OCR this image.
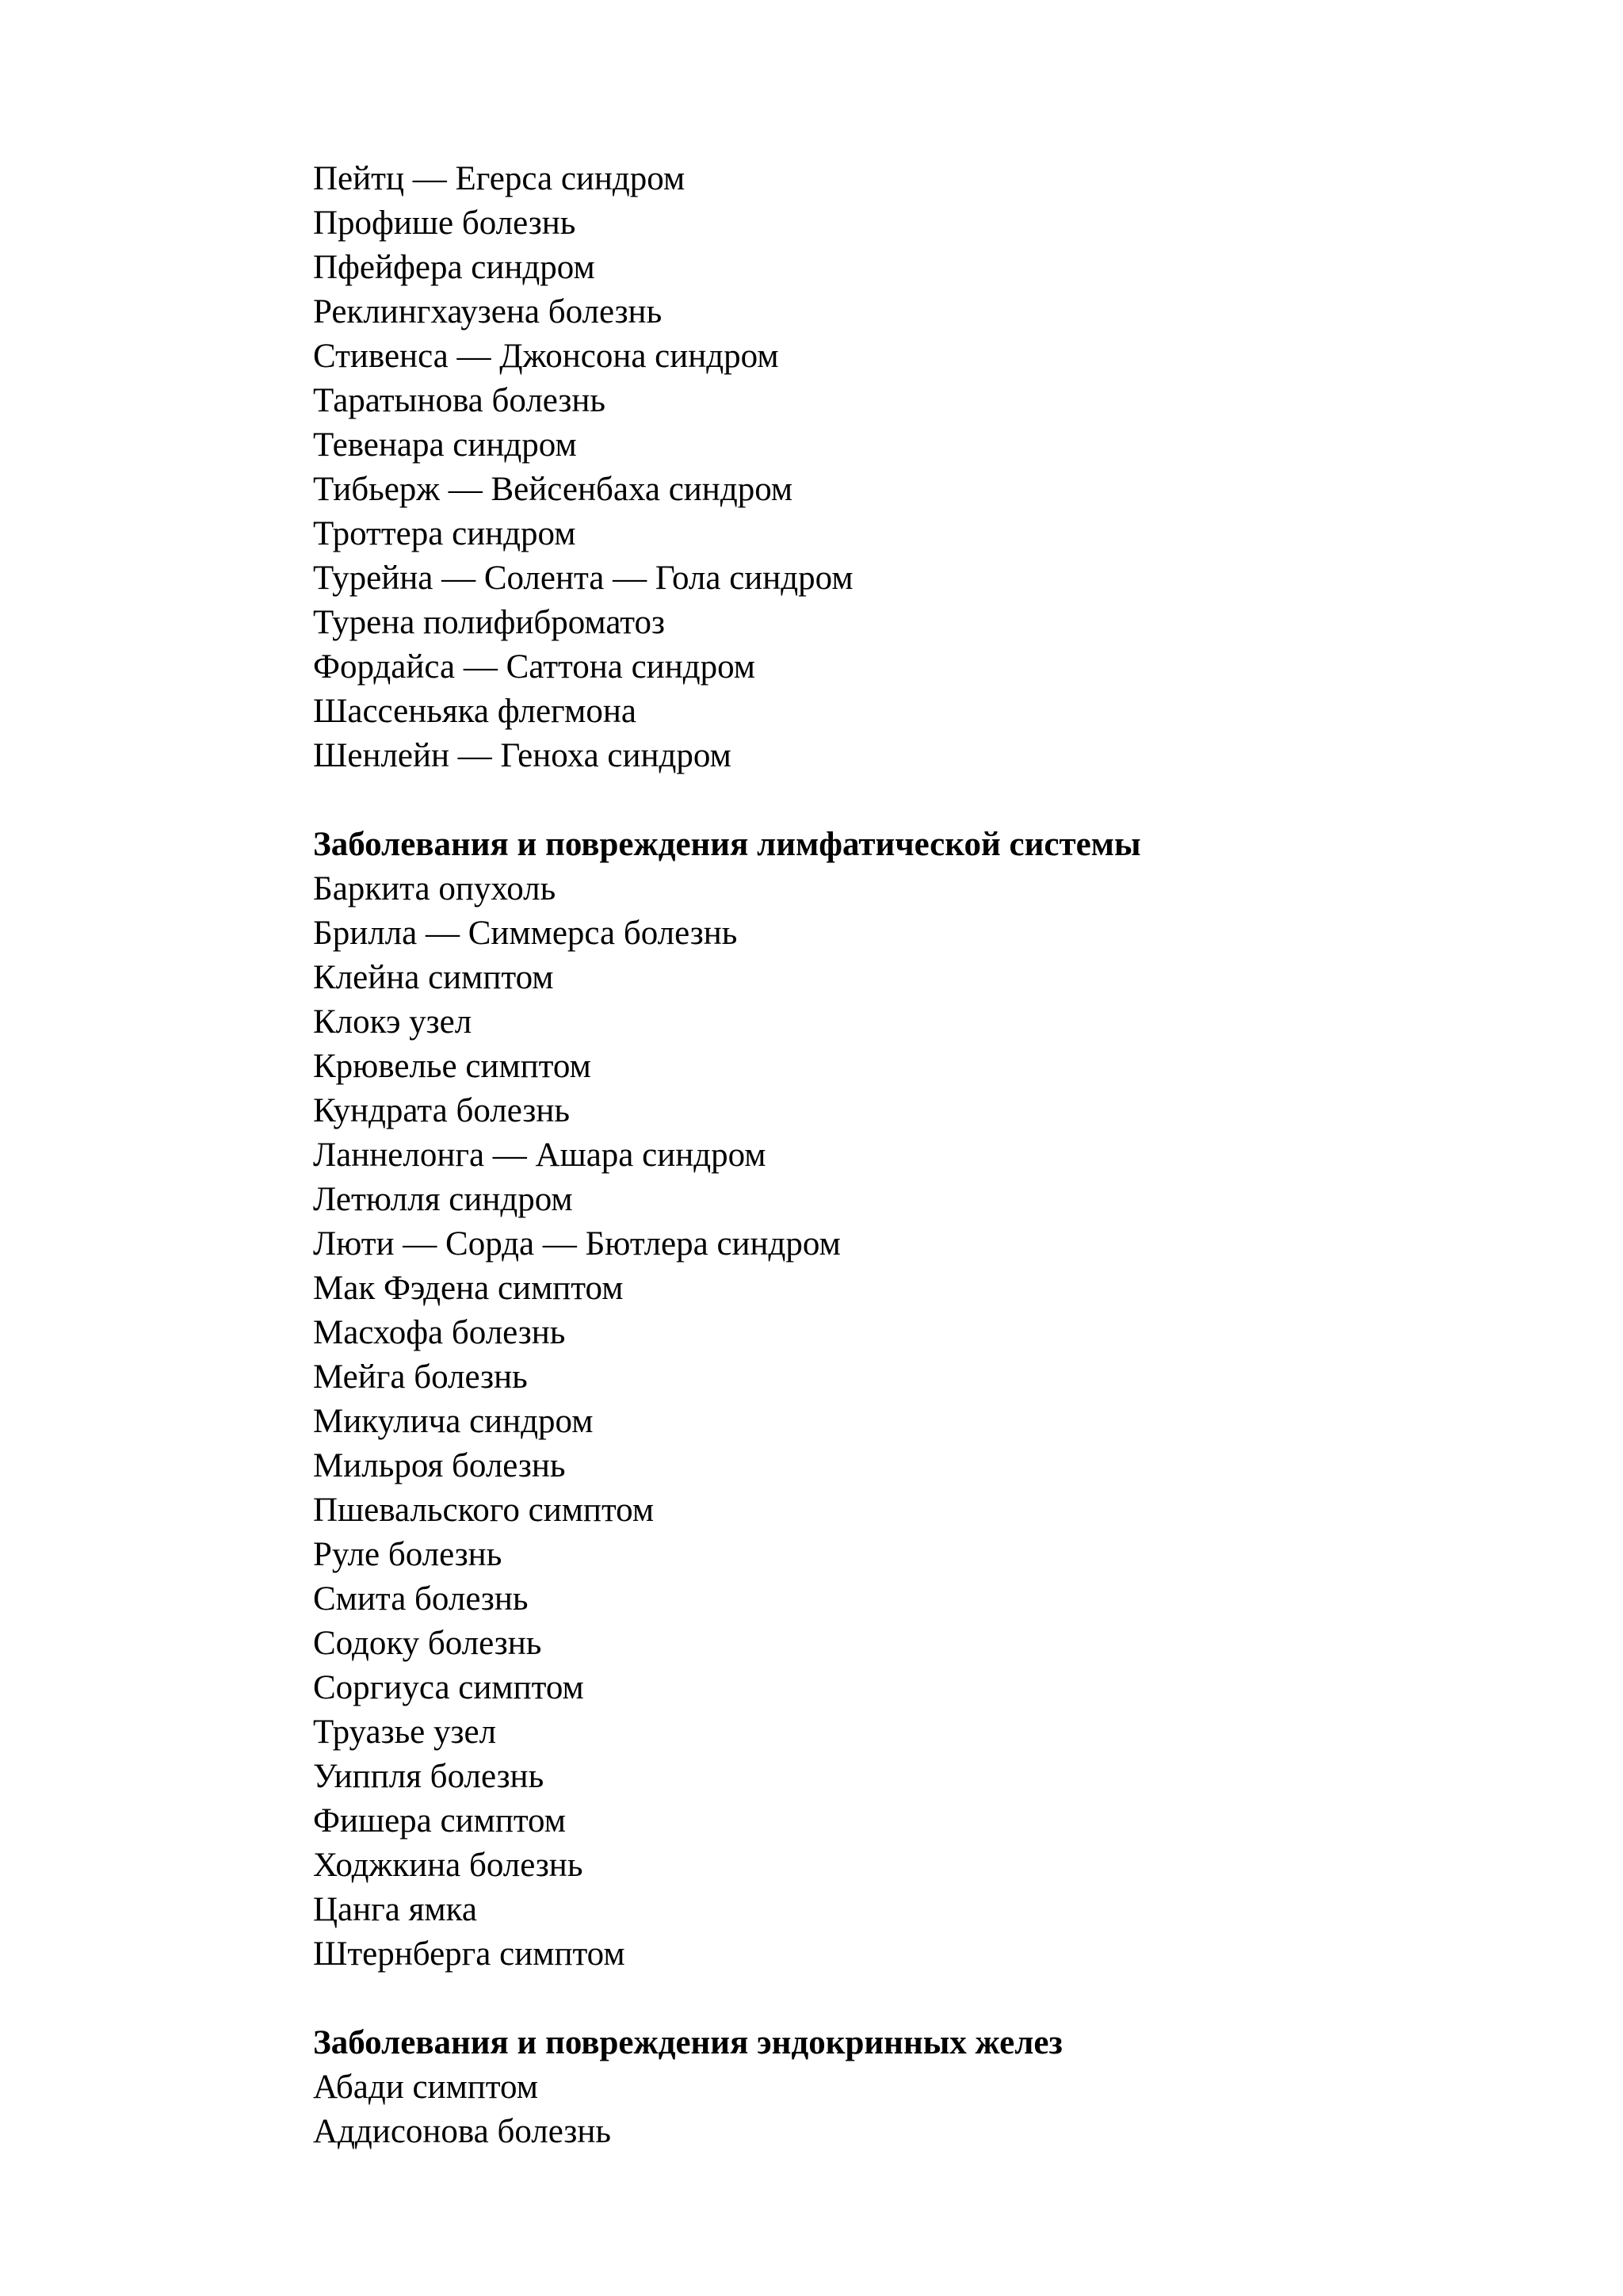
Пейтц — Егерса синдром

Профише болезнь

Пфейфера синдром

Реклингхаузена болезнь

Стивенса — Джонсона синдром

Таратынова болезнь

Тевенара синдром

Тибьерж — Вейсенбаха синдром

Троттера синдром

Турейна — Солента — Гола синдром

Турена полифиброматоз

Фордайса — Саттона синдром

Шассеньяка флегмона

Шенлейн — Геноха синдром

Заболевания и повреждения лимфатической системы

Баркита опухоль

Брилла — Симмерса болезнь

Клейна симптом

Клокэ узел

Крювелье симптом

Кундрата болезнь

Ланнелонга — Ашара синдром

Летюлля синдром

Люти — Сорда — Бютлера синдром

Мак Фэдена симптом

Масхофа болезнь

Мейга болезнь

Микулича синдром

Мильроя болезнь

Пшевальского симптом

Руле болезнь

Смита болезнь

Содоку болезнь

Соргиуса симптом

Труазье узел

Уиппля болезнь

Фишера симптом

Ходжкина болезнь

Цанга ямка

Штернберга симптом

Заболевания и повреждения эндокринных желез

Абади симптом

Аддисонова болезнь
